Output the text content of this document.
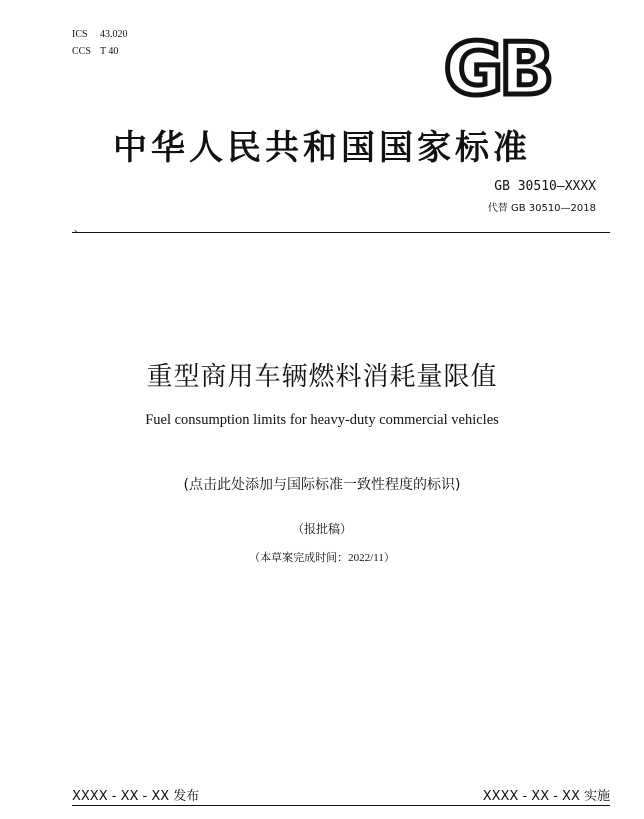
ICS 43.020
CCS T 40	GB
中华人民共和国国家标准
GB 30510—XXXX
代替 GB 30510—2018
、
重型商用车辆燃料消耗量限值
Fuel consumption limits for heavy-duty commercial vehicles
(点击此处添加与国际标准一致性程度的标识)
（报批稿）
（本草案完成时间：2022/11）
XXXX - XX - XX 发布	XXXX - XX - XX 实施
